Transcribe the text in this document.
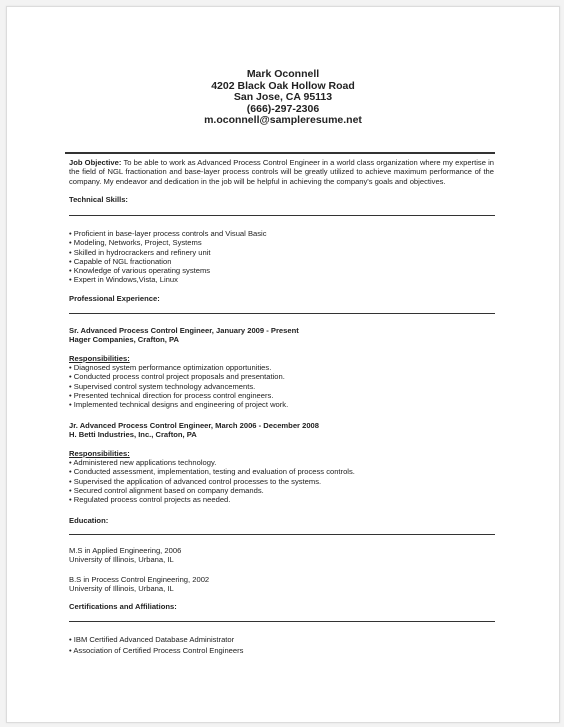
Mark Oconnell
4202 Black Oak Hollow Road
San Jose, CA 95113
(666)-297-2306
m.oconnell@sampleresume.net
Job Objective: To be able to work as Advanced Process Control Engineer in a world class organization where my expertise in the field of NGL fractionation and base-layer process controls will be greatly utilized to achieve maximum performance of the company. My endeavor and dedication in the job will be helpful in achieving the company's goals and objectives.
Technical Skills:
• Proficient in base-layer process controls and Visual Basic
• Modeling, Networks, Project, Systems
• Skilled in hydrocrackers and refinery unit
• Capable of NGL fractionation
• Knowledge of various operating systems
• Expert in Windows,Vista, Linux
Professional Experience:
Sr. Advanced Process Control Engineer, January 2009 - Present
Hager Companies, Crafton, PA
Responsibilities:
• Diagnosed system performance optimization opportunities.
• Conducted process control project proposals and presentation.
• Supervised control system technology advancements.
• Presented technical direction for process control engineers.
• Implemented technical designs and engineering of project work.
Jr. Advanced Process Control Engineer, March 2006 - December 2008
H. Betti Industries, Inc., Crafton, PA
Responsibilities:
• Administered new applications technology.
• Conducted assessment, implementation, testing and evaluation of process controls.
• Supervised the application of advanced control processes to the systems.
• Secured control alignment based on company demands.
• Regulated process control projects as needed.
Education:
M.S in Applied Engineering, 2006
University of Illinois, Urbana, IL
B.S in Process Control Engineering, 2002
University of Illinois, Urbana, IL
Certifications and Affiliations:
• IBM Certified Advanced Database Administrator
• Association of Certified Process Control Engineers
